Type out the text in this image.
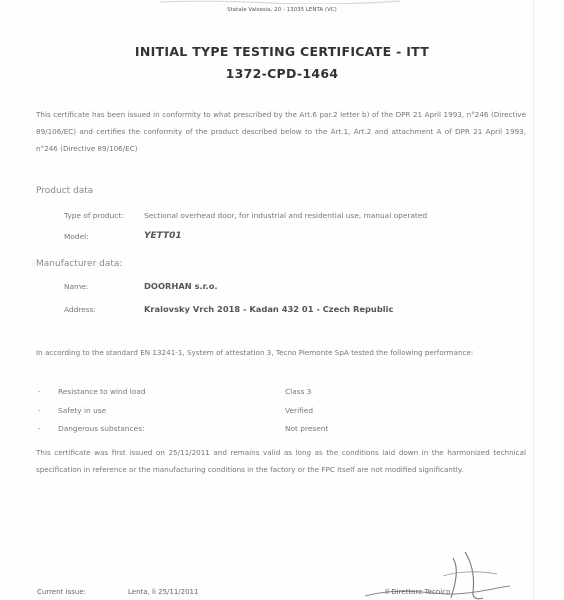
Statale Valsesia, 20 - 13035 LENTA (VC)
INITIAL TYPE TESTING CERTIFICATE - ITT
1372-CPD-1464
This certificate has been issued in conformity to what prescribed by the Art.6 par.2 letter b) of the DPR 21 April 1993, n°246 (Directive 89/106/EC) and certifies the conformity of the product described below to the Art.1, Art.2 and attachment A of DPR 21 April 1993, n°246 (Directive 89/106/EC)
Product data
Type of product:	Sectional overhead door, for industrial and residential use, manual operated
Model:	YETT01
Manufacturer data:
Name:	DOORHAN s.r.o.
Address:	Kralovsky Vrch 2018 - Kadan 432 01 - Czech Republic
In according to the standard EN 13241-1, System of attestation 3, Tecno Piemonte SpA tested the following performance:
- Resistance to wind load	Class 3
- Safety in use	Verified
- Dangerous substances:	Not present
This certificate was first issued on 25/11/2011 and remains valid as long as the conditions laid down in the harmonized technical specification in reference or the manufacturing conditions in the factory or the FPC itself are not modified significantly.
Current issue:	Lenta, li 25/11/2011	Il Direttore Tecnico
